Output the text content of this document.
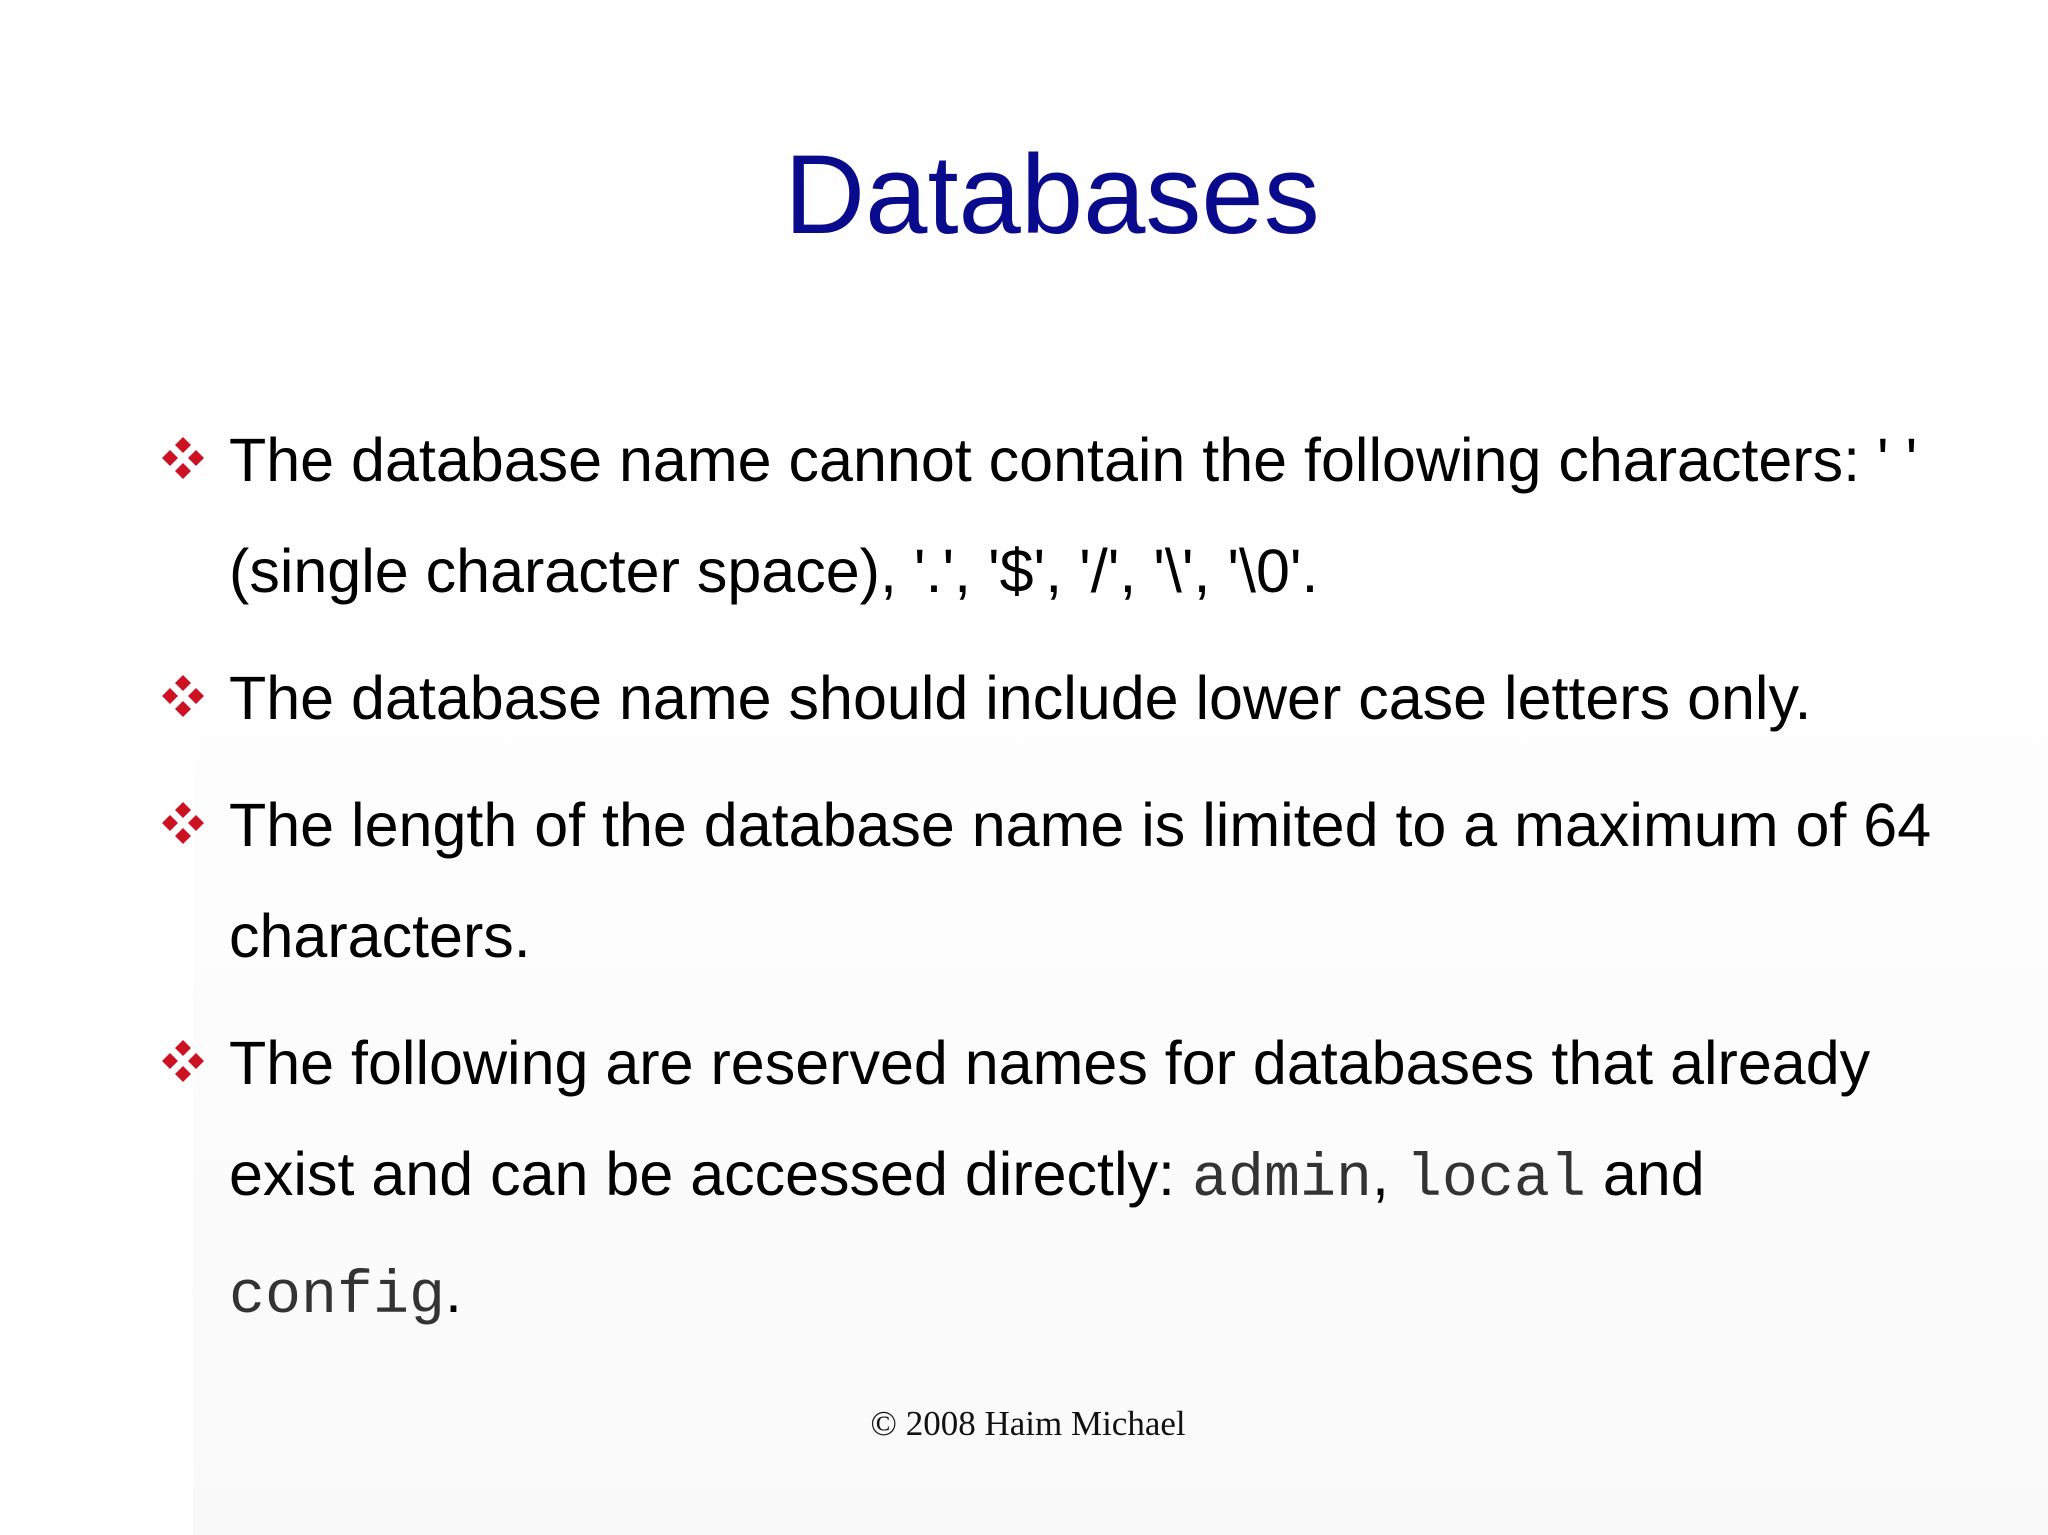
Databases
The database name cannot contain the following characters: ' ' (single character space), '.', '$', '/', '\', '\0'.
The database name should include lower case letters only.
The length of the database name is limited to a maximum of 64 characters.
The following are reserved names for databases that already exist and can be accessed directly: admin, local and config.
© 2008 Haim Michael
